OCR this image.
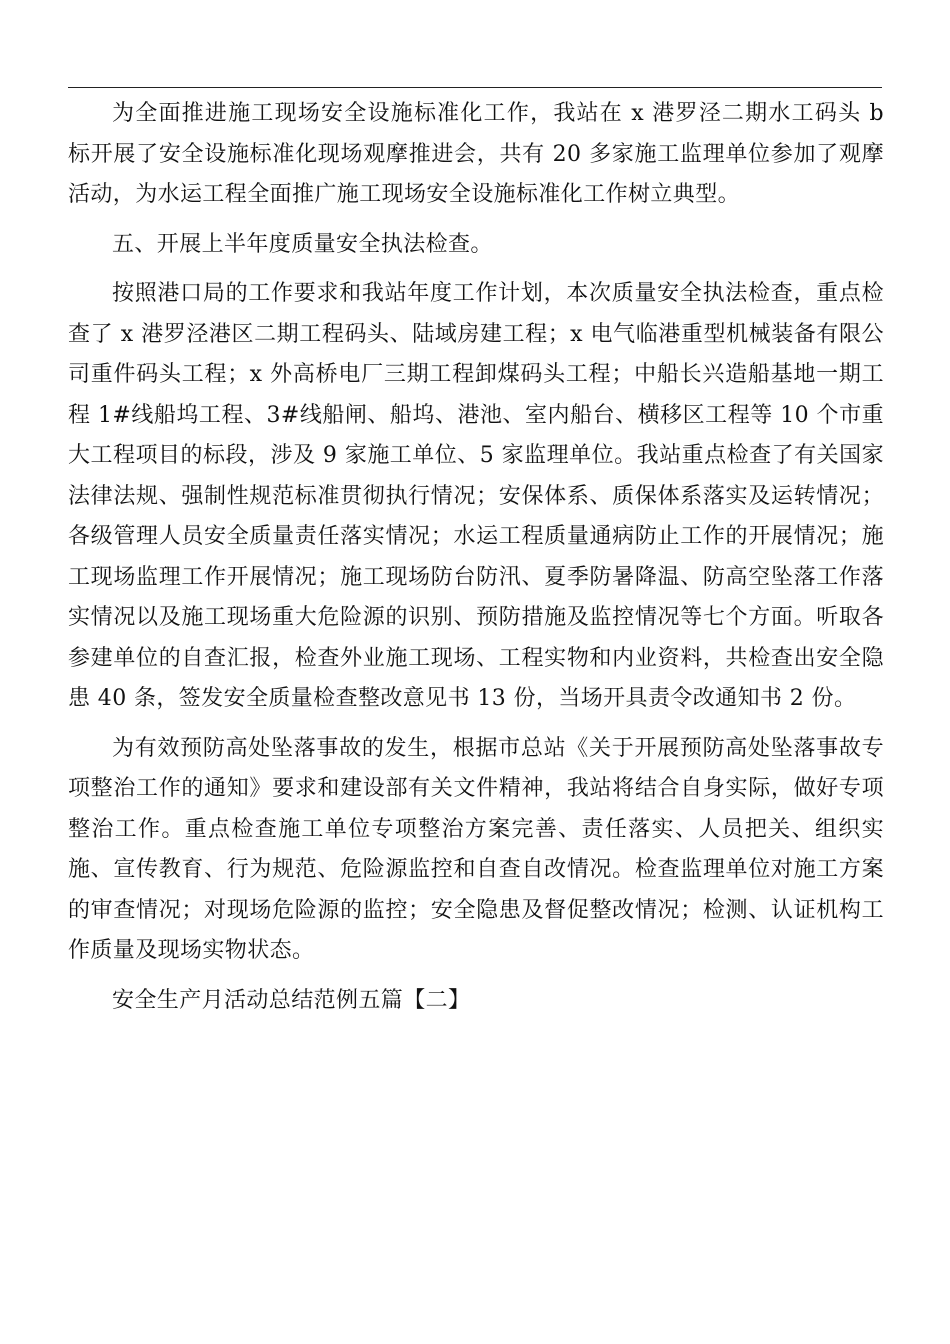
为全面推进施工现场安全设施标准化工作，我站在 x 港罗泾二期水工码头 b 标开展了安全设施标准化现场观摩推进会，共有 20 多家施工监理单位参加了观摩活动，为水运工程全面推广施工现场安全设施标准化工作树立典型。

五、开展上半年度质量安全执法检查。

按照港口局的工作要求和我站年度工作计划，本次质量安全执法检查，重点检查了 x 港罗泾港区二期工程码头、陆域房建工程；x 电气临港重型机械装备有限公司重件码头工程；x 外高桥电厂三期工程卸煤码头工程；中船长兴造船基地一期工程 1#线船坞工程、3#线船闸、船坞、港池、室内船台、横移区工程等 10 个市重大工程项目的标段，涉及 9 家施工单位、5 家监理单位。我站重点检查了有关国家法律法规、强制性规范标准贯彻执行情况；安保体系、质保体系落实及运转情况；各级管理人员安全质量责任落实情况；水运工程质量通病防止工作的开展情况；施工现场监理工作开展情况；施工现场防台防汛、夏季防暑降温、防高空坠落工作落实情况以及施工现场重大危险源的识别、预防措施及监控情况等七个方面。听取各参建单位的自查汇报，检查外业施工现场、工程实物和内业资料，共检查出安全隐患 40 条，签发安全质量检查整改意见书 13 份，当场开具责令改通知书 2 份。

为有效预防高处坠落事故的发生，根据市总站《关于开展预防高处坠落事故专项整治工作的通知》要求和建设部有关文件精神，我站将结合自身实际，做好专项整治工作。重点检查施工单位专项整治方案完善、责任落实、人员把关、组织实施、宣传教育、行为规范、危险源监控和自查自改情况。检查监理单位对施工方案的审查情况；对现场危险源的监控；安全隐患及督促整改情况；检测、认证机构工作质量及现场实物状态。

安全生产月活动总结范例五篇【二】
